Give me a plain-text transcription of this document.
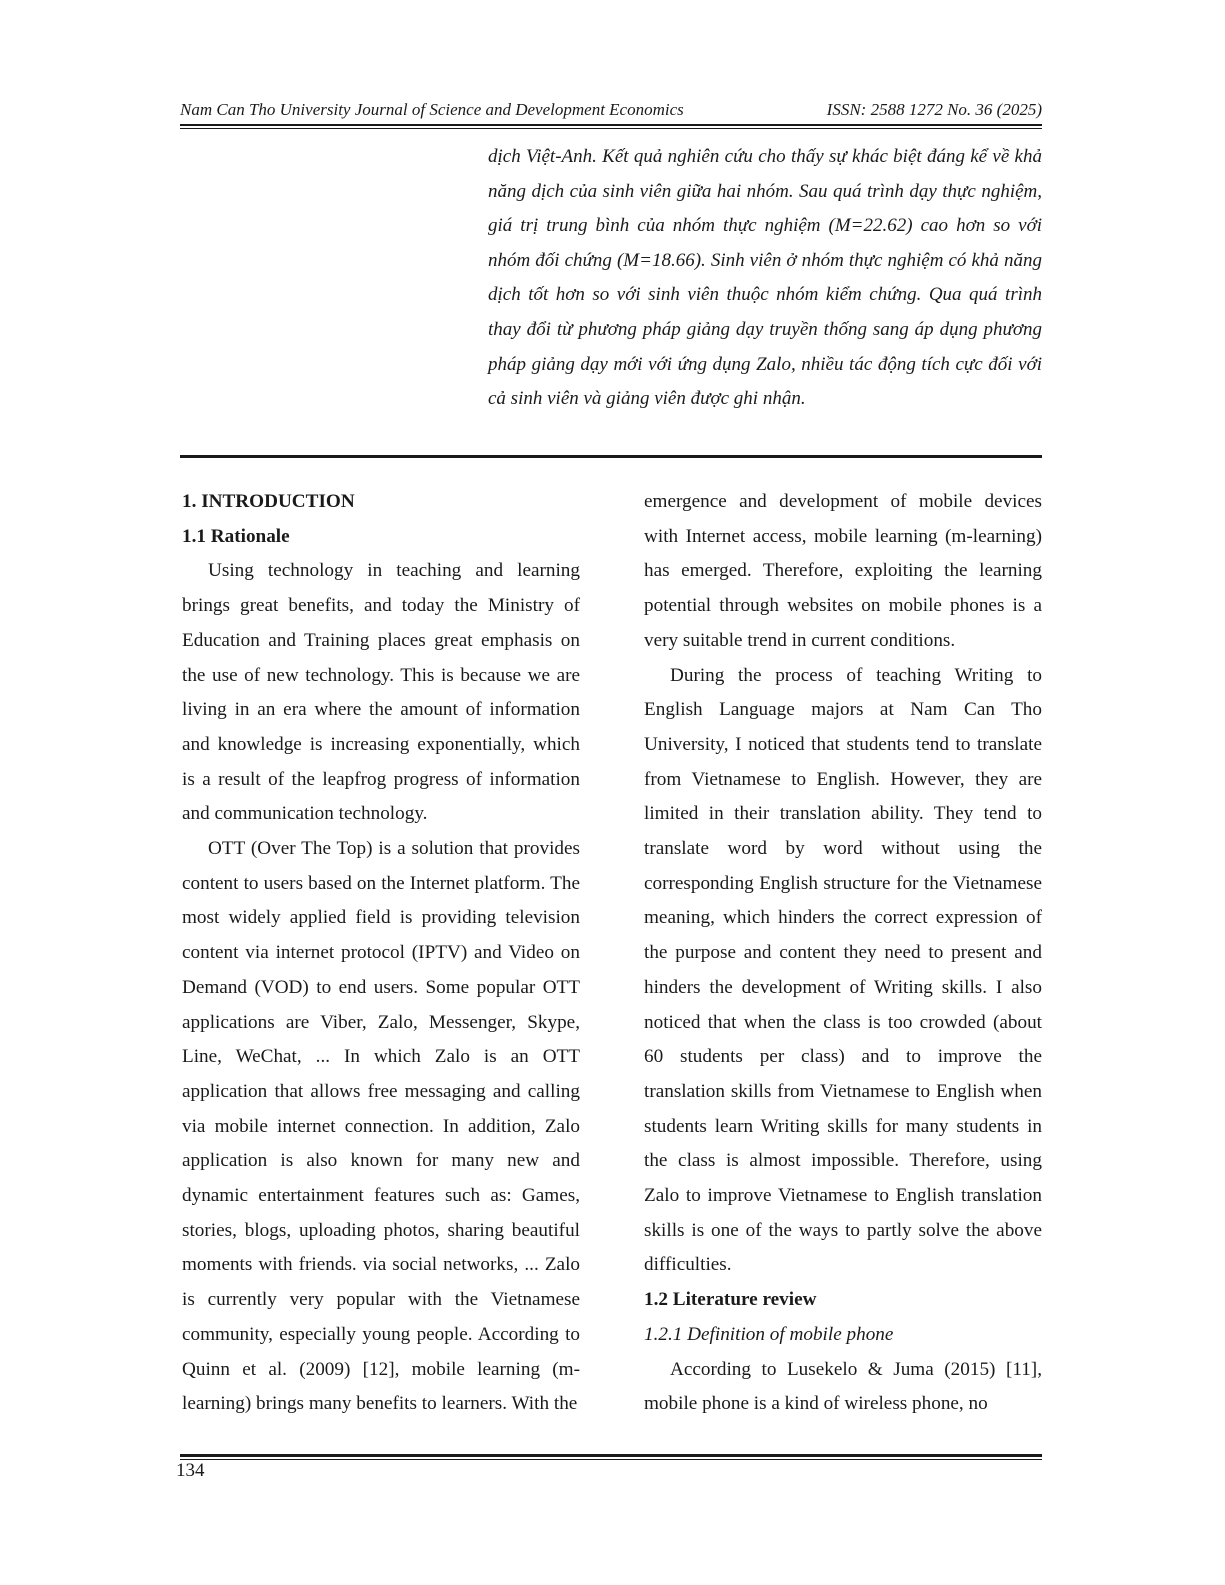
Nam Can Tho University Journal of Science and Development Economics	ISSN: 2588 1272 No. 36 (2025)

dịch Việt-Anh. Kết quả nghiên cứu cho thấy sự khác biệt đáng kể về khả năng dịch của sinh viên giữa hai nhóm. Sau quá trình dạy thực nghiệm, giá trị trung bình của nhóm thực nghiệm (M=22.62) cao hơn so với nhóm đối chứng (M=18.66). Sinh viên ở nhóm thực nghiệm có khả năng dịch tốt hơn so với sinh viên thuộc nhóm kiểm chứng. Qua quá trình thay đổi từ phương pháp giảng dạy truyền thống sang áp dụng phương pháp giảng dạy mới với ứng dụng Zalo, nhiều tác động tích cực đối với cả sinh viên và giảng viên được ghi nhận.

1. INTRODUCTION
1.1 Rationale

Using technology in teaching and learning brings great benefits, and today the Ministry of Education and Training places great emphasis on the use of new technology. This is because we are living in an era where the amount of information and knowledge is increasing exponentially, which is a result of the leapfrog progress of information and communication technology.

OTT (Over The Top) is a solution that provides content to users based on the Internet platform. The most widely applied field is providing television content via internet protocol (IPTV) and Video on Demand (VOD) to end users. Some popular OTT applications are Viber, Zalo, Messenger, Skype, Line, WeChat, ... In which Zalo is an OTT application that allows free messaging and calling via mobile internet connection. In addition, Zalo application is also known for many new and dynamic entertainment features such as: Games, stories, blogs, uploading photos, sharing beautiful moments with friends. via social networks, ... Zalo is currently very popular with the Vietnamese community, especially young people. According to Quinn et al. (2009) [12], mobile learning (m-learning) brings many benefits to learners. With the

emergence and development of mobile devices with Internet access, mobile learning (m-learning) has emerged. Therefore, exploiting the learning potential through websites on mobile phones is a very suitable trend in current conditions.

During the process of teaching Writing to English Language majors at Nam Can Tho University, I noticed that students tend to translate from Vietnamese to English. However, they are limited in their translation ability. They tend to translate word by word without using the corresponding English structure for the Vietnamese meaning, which hinders the correct expression of the purpose and content they need to present and hinders the development of Writing skills. I also noticed that when the class is too crowded (about 60 students per class) and to improve the translation skills from Vietnamese to English when students learn Writing skills for many students in the class is almost impossible. Therefore, using Zalo to improve Vietnamese to English translation skills is one of the ways to partly solve the above difficulties.

1.2 Literature review
1.2.1 Definition of mobile phone

According to Lusekelo & Juma (2015) [11], mobile phone is a kind of wireless phone, no

134
